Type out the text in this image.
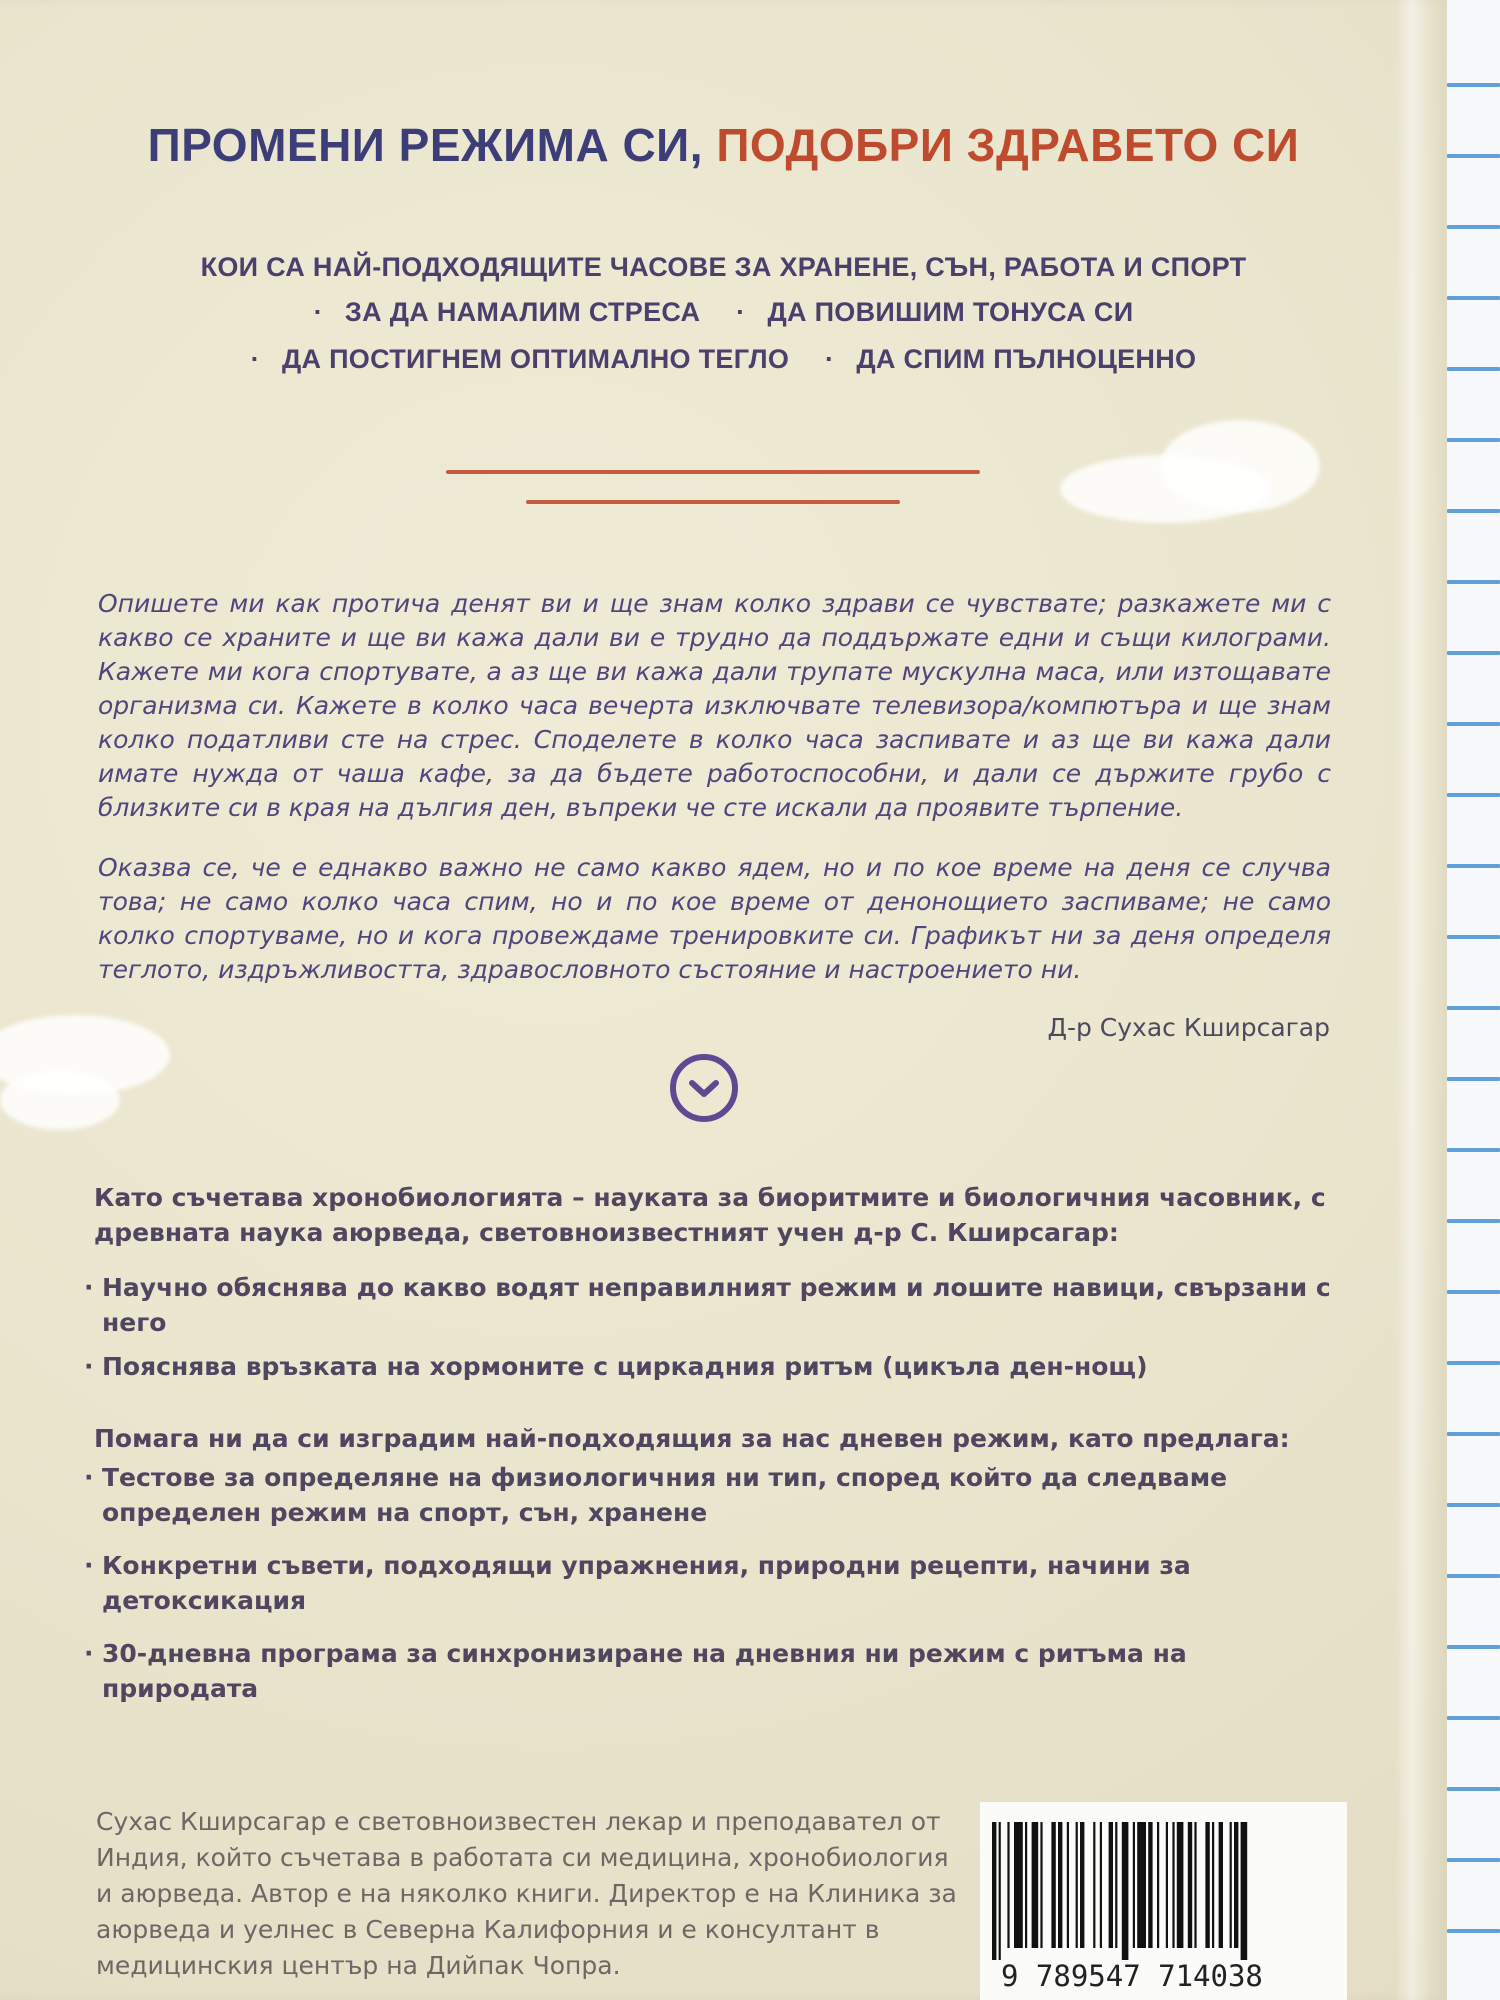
ПРОМЕНИ РЕЖИМА СИ, ПОДОБРИ ЗДРАВЕТО СИ
КОИ СА НАЙ-ПОДХОДЯЩИТЕ ЧАСОВЕ ЗА ХРАНЕНЕ, СЪН, РАБОТА И СПОРТ
· ЗА ДА НАМАЛИМ СТРЕСА · ДА ПОВИШИМ ТОНУСА СИ
· ДА ПОСТИГНЕМ ОПТИМАЛНО ТЕГЛО · ДА СПИМ ПЪЛНОЦЕННО
Опишете ми как протича денят ви и ще знам колко здрави се чувствате; разкажете ми с какво се храните и ще ви кажа дали ви е трудно да поддържате едни и същи килограми. Кажете ми кога спортувате, а аз ще ви кажа дали трупате мускулна маса, или изтощавате организма си. Кажете в колко часа вечерта изключвате телевизора/компютъра и ще знам колко податливи сте на стрес. Споделете в колко часа заспивате и аз ще ви кажа дали имате нужда от чаша кафе, за да бъдете работоспособни, и дали се държите грубо с близките си в края на дългия ден, въпреки че сте искали да проявите търпение.
Оказва се, че е еднакво важно не само какво ядем, но и по кое време на деня се случва това; не само колко часа спим, но и по кое време от денонощието заспиваме; не само колко спортуваме, но и кога провеждаме тренировките си. Графикът ни за деня определя теглото, издръжливостта, здравословното състояние и настроението ни.
Д-р Сухас Кширсагар
Като съчетава хронобиологията – науката за биоритмите и биологичния часовник, с древната наука аюрведа, световноизвестният учен д-р С. Кширсагар:
· Научно обяснява до какво водят неправилният режим и лошите навици, свързани с него
· Пояснява връзката на хормоните с циркадния ритъм (цикъла ден-нощ)
Помага ни да си изградим най-подходящия за нас дневен режим, като предлага:
· Тестове за определяне на физиологичния ни тип, според който да следваме определен режим на спорт, сън, хранене
· Конкретни съвети, подходящи упражнения, природни рецепти, начини за детоксикация
· 30-дневна програма за синхронизиране на дневния ни режим с ритъма на природата
Сухас Кширсагар е световноизвестен лекар и преподавател от
Индия, който съчетава в работата си медицина, хронобиология
и аюрведа. Автор е на няколко книги. Директор е на Клиника за
аюрведа и уелнес в Северна Калифорния и е консултант в
медицинския център на Дийпак Чопра.	9 789547 714038
